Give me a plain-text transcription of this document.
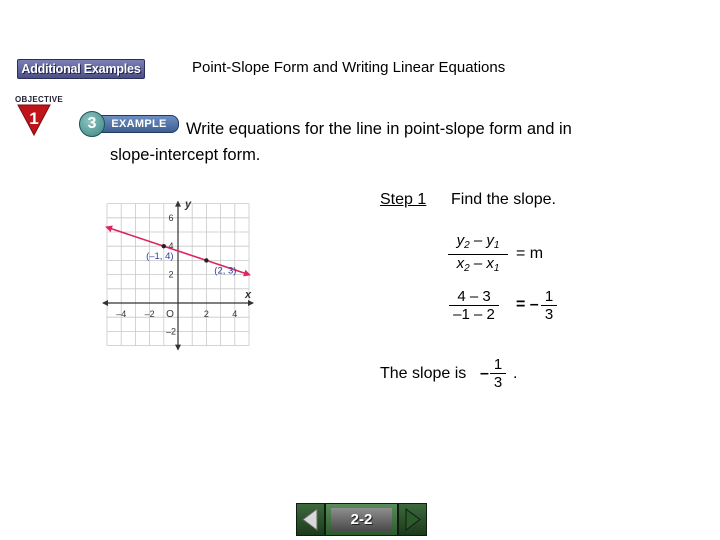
Additional Examples	Point-Slope Form and Writing Linear Equations
OBJECTIVE
1	EXAMPLE
3	Write equations for the line in point-slope form and in
slope-intercept form.
–4 –2	2	4
6
4
2
–2
O
x
y
(–1, 4)
(2, 3)
Step 1 Find the slope.
$\frac{y_2 - y_1}{x_2 - x_1} = m$
$\frac{4 - 3}{-1 - 2}$ = – $\frac{1}{3}$
The slope is – $\frac{1}{3}$ .
2-2
